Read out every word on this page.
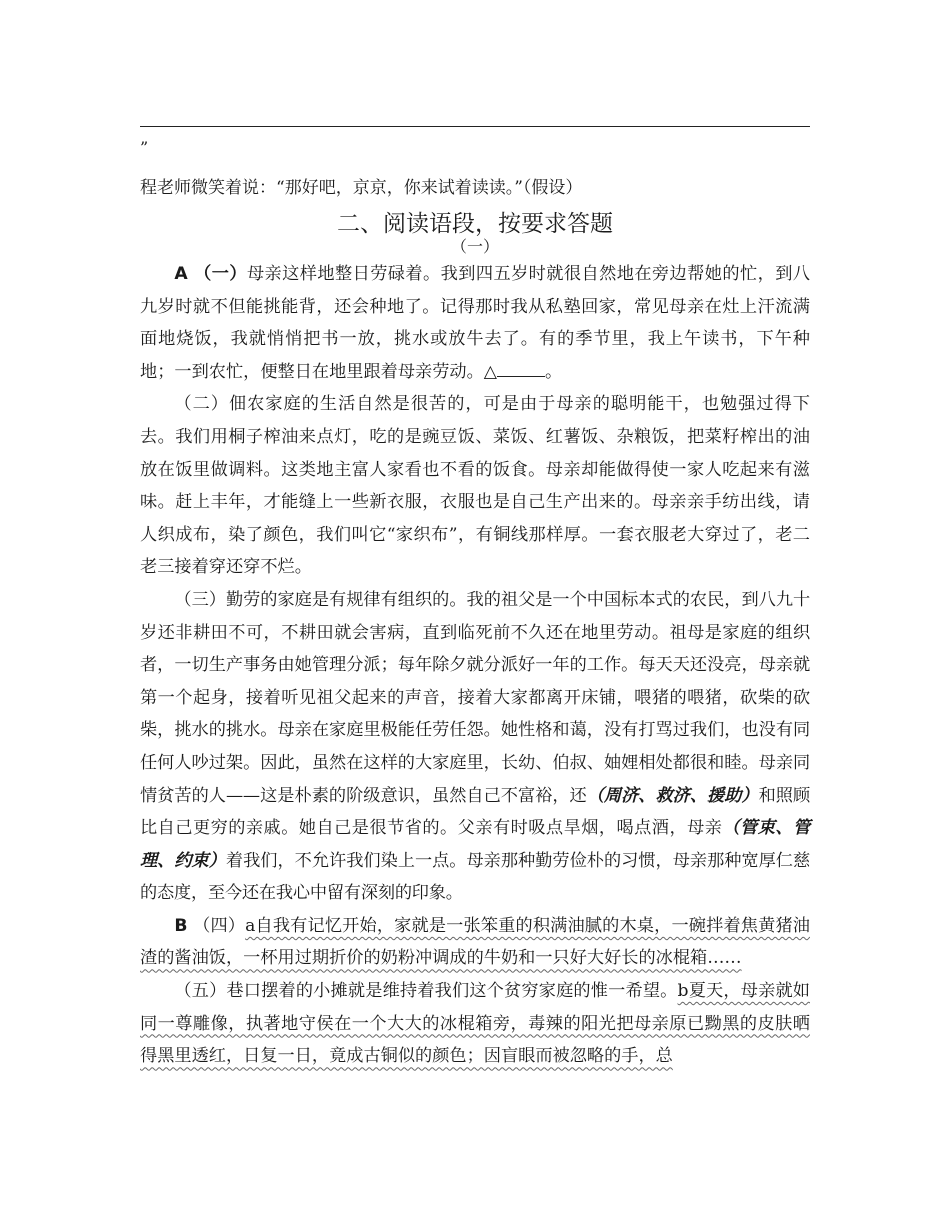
”
程老师微笑着说：“那好吧，京京，你来试着读读。”（假设）
二、阅读语段，按要求答题
（一）

A （一）母亲这样地整日劳碌着。我到四五岁时就很自然地在旁边帮她的忙，到八九岁时就不但能挑能背，还会种地了。记得那时我从私塾回家，常见母亲在灶上汗流满面地烧饭，我就悄悄把书一放，挑水或放牛去了。有的季节里，我上午读书，下午种地；一到农忙，便整日在地里跟着母亲劳动。△	。

（二）佃农家庭的生活自然是很苦的，可是由于母亲的聪明能干，也勉强过得下去。我们用桐子榨油来点灯，吃的是豌豆饭、菜饭、红薯饭、杂粮饭，把菜籽榨出的油放在饭里做调料。这类地主富人家看也不看的饭食。母亲却能做得使一家人吃起来有滋味。赶上丰年，才能缝上一些新衣服，衣服也是自己生产出来的。母亲亲手纺出线，请人织成布，染了颜色，我们叫它“家织布”，有铜线那样厚。一套衣服老大穿过了，老二老三接着穿还穿不烂。

（三）勤劳的家庭是有规律有组织的。我的祖父是一个中国标本式的农民，到八九十岁还非耕田不可，不耕田就会害病，直到临死前不久还在地里劳动。祖母是家庭的组织者，一切生产事务由她管理分派；每年除夕就分派好一年的工作。每天天还没亮，母亲就第一个起身，接着听见祖父起来的声音，接着大家都离开床铺，喂猪的喂猪，砍柴的砍柴，挑水的挑水。母亲在家庭里极能任劳任怨。她性格和蔼，没有打骂过我们，也没有同任何人吵过架。因此，虽然在这样的大家庭里，长幼、伯叔、妯娌相处都很和睦。母亲同情贫苦的人——这是朴素的阶级意识，虽然自己不富裕，还（周济、救济、援助）和照顾比自己更穷的亲戚。她自己是很节省的。父亲有时吸点旱烟，喝点酒，母亲（管束、管理、约束）着我们，不允许我们染上一点。母亲那种勤劳俭朴的习惯，母亲那种宽厚仁慈的态度，至今还在我心中留有深刻的印象。

B （四）a自我有记忆开始，家就是一张笨重的积满油腻的木桌，一碗拌着焦黄猪油渣的酱油饭，一杯用过期折价的奶粉冲调成的牛奶和一只好大好长的冰棍箱……

（五）巷口摆着的小摊就是维持着我们这个贫穷家庭的惟一希望。b夏天，母亲就如同一尊雕像，执著地守侯在一个大大的冰棍箱旁，毒辣的阳光把母亲原已黝黑的皮肤晒得黑里透红，日复一日，竟成古铜似的颜色；因盲眼而被忽略的手，总
